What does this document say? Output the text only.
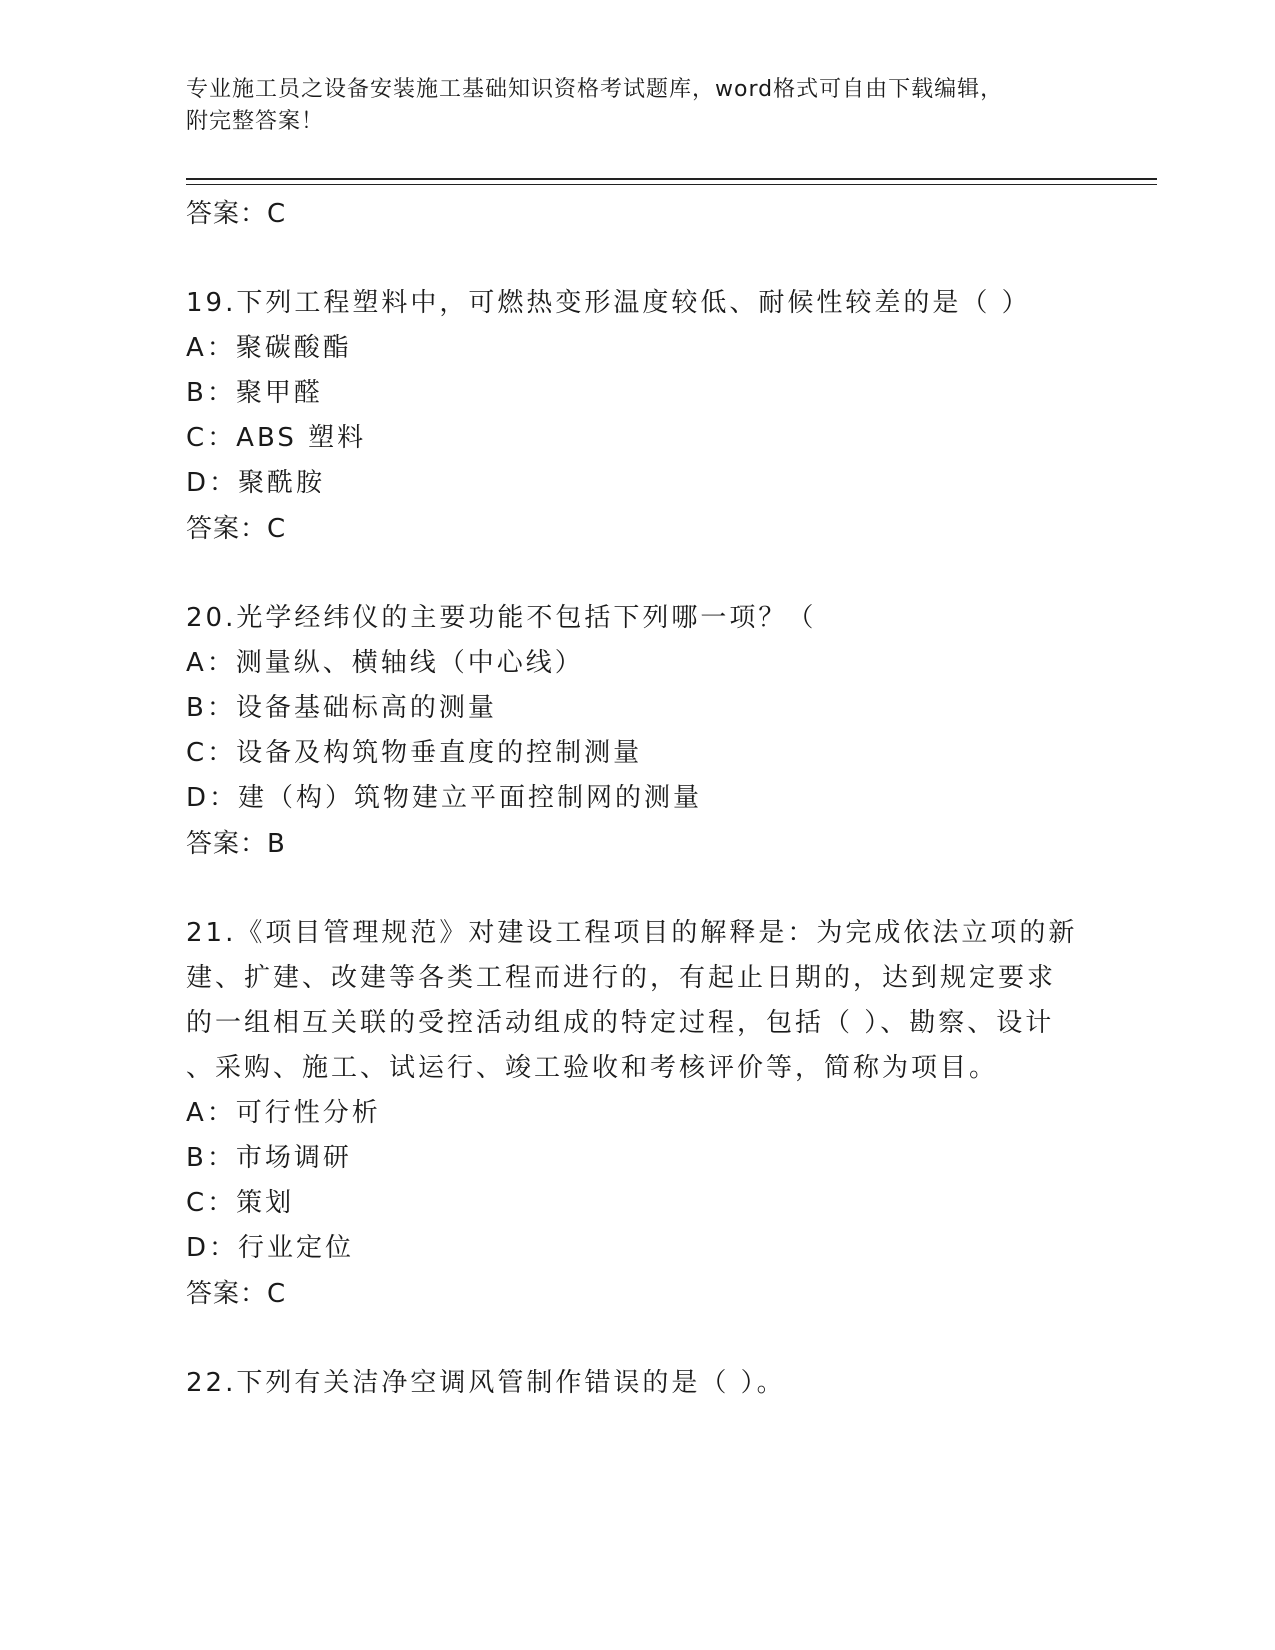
专业施工员之设备安装施工基础知识资格考试题库，word格式可自由下载编辑，
附完整答案！
答案：C
19.下列工程塑料中，可燃热变形温度较低、耐候性较差的是（ ）
A：聚碳酸酯
B：聚甲醛
C：ABS 塑料
D：聚酰胺
答案：C
20.光学经纬仪的主要功能不包括下列哪一项？（
A：测量纵、横轴线（中心线）
B：设备基础标高的测量
C：设备及构筑物垂直度的控制测量
D：建（构）筑物建立平面控制网的测量
答案：B
21.《项目管理规范》对建设工程项目的解释是：为完成依法立项的新
建、扩建、改建等各类工程而进行的，有起止日期的，达到规定要求
的一组相互关联的受控活动组成的特定过程，包括（ ）、勘察、设计
、采购、施工、试运行、竣工验收和考核评价等，简称为项目。
A：可行性分析
B：市场调研
C：策划
D：行业定位
答案：C
22.下列有关洁净空调风管制作错误的是（ ）。
